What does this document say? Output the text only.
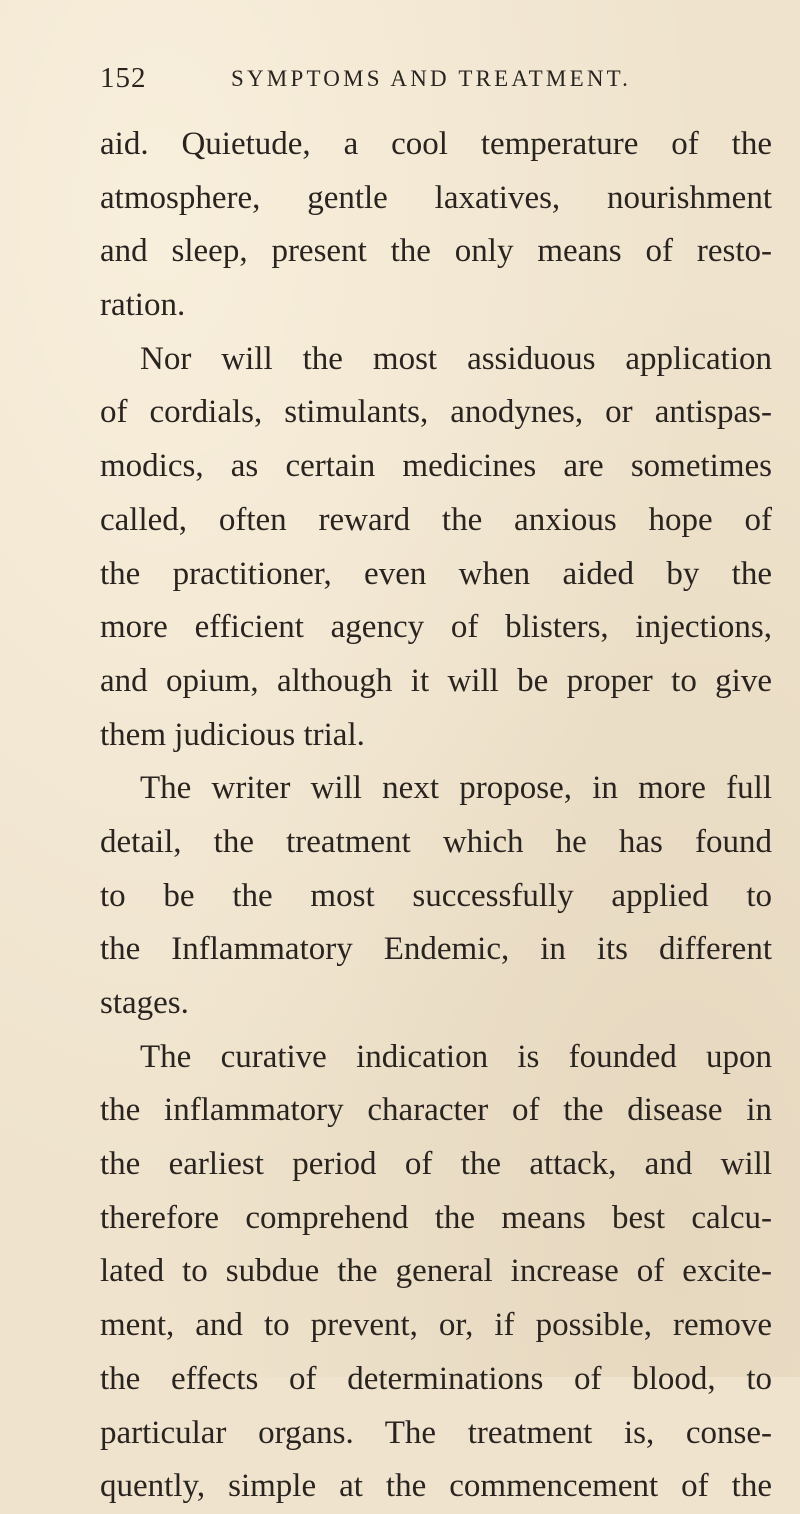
152	SYMPTOMS AND TREATMENT.
aid. Quietude, a cool temperature of the
atmosphere, gentle laxatives, nourishment
and sleep, present the only means of resto-
ration.
Nor will the most assiduous application
of cordials, stimulants, anodynes, or antispas-
modics, as certain medicines are sometimes
called, often reward the anxious hope of
the practitioner, even when aided by the
more efficient agency of blisters, injections,
and opium, although it will be proper to give
them judicious trial.
The writer will next propose, in more full
detail, the treatment which he has found
to be the most successfully applied to
the Inflammatory Endemic, in its different
stages.
The curative indication is founded upon
the inflammatory character of the disease in
the earliest period of the attack, and will
therefore comprehend the means best calcu-
lated to subdue the general increase of excite-
ment, and to prevent, or, if possible, remove
the effects of determinations of blood, to
particular organs. The treatment is, conse-
quently, simple at the commencement of the
